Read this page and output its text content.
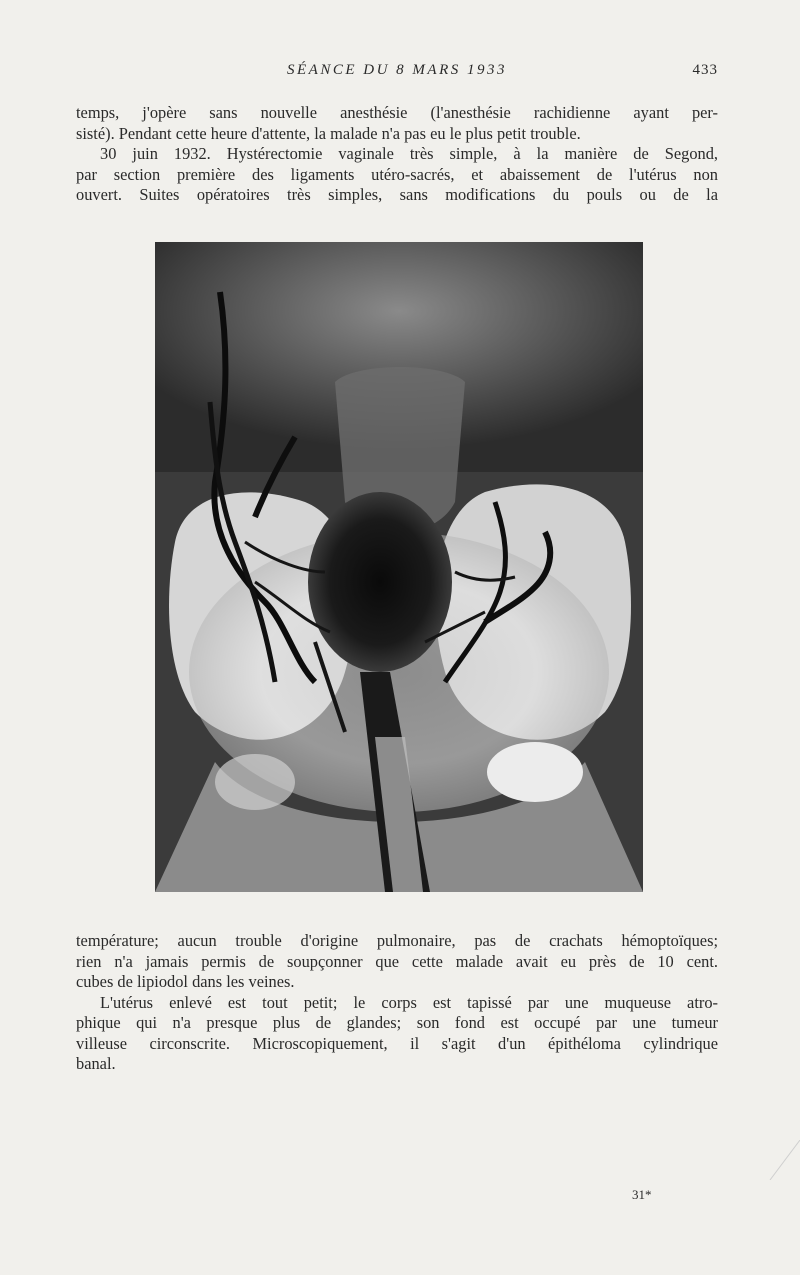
SÉANCE DU 8 MARS 1933	433
temps, j'opère sans nouvelle anesthésie (l'anesthésie rachidienne ayant per-
sisté). Pendant cette heure d'attente, la malade n'a pas eu le plus petit trouble.
30 juin 1932. Hystérectomie vaginale très simple, à la manière de Segond,
par section première des ligaments utéro-sacrés, et abaissement de l'utérus non
ouvert. Suites opératoires très simples, sans modifications du pouls ou de la
température; aucun trouble d'origine pulmonaire, pas de crachats hémoptoïques;
rien n'a jamais permis de soupçonner que cette malade avait eu près de 10 cent.
cubes de lipiodol dans les veines.
L'utérus enlevé est tout petit; le corps est tapissé par une muqueuse atro-
phique qui n'a presque plus de glandes; son fond est occupé par une tumeur
villeuse circonscrite. Microscopiquement, il s'agit d'un épithéloma cylindrique
banal.
31*
